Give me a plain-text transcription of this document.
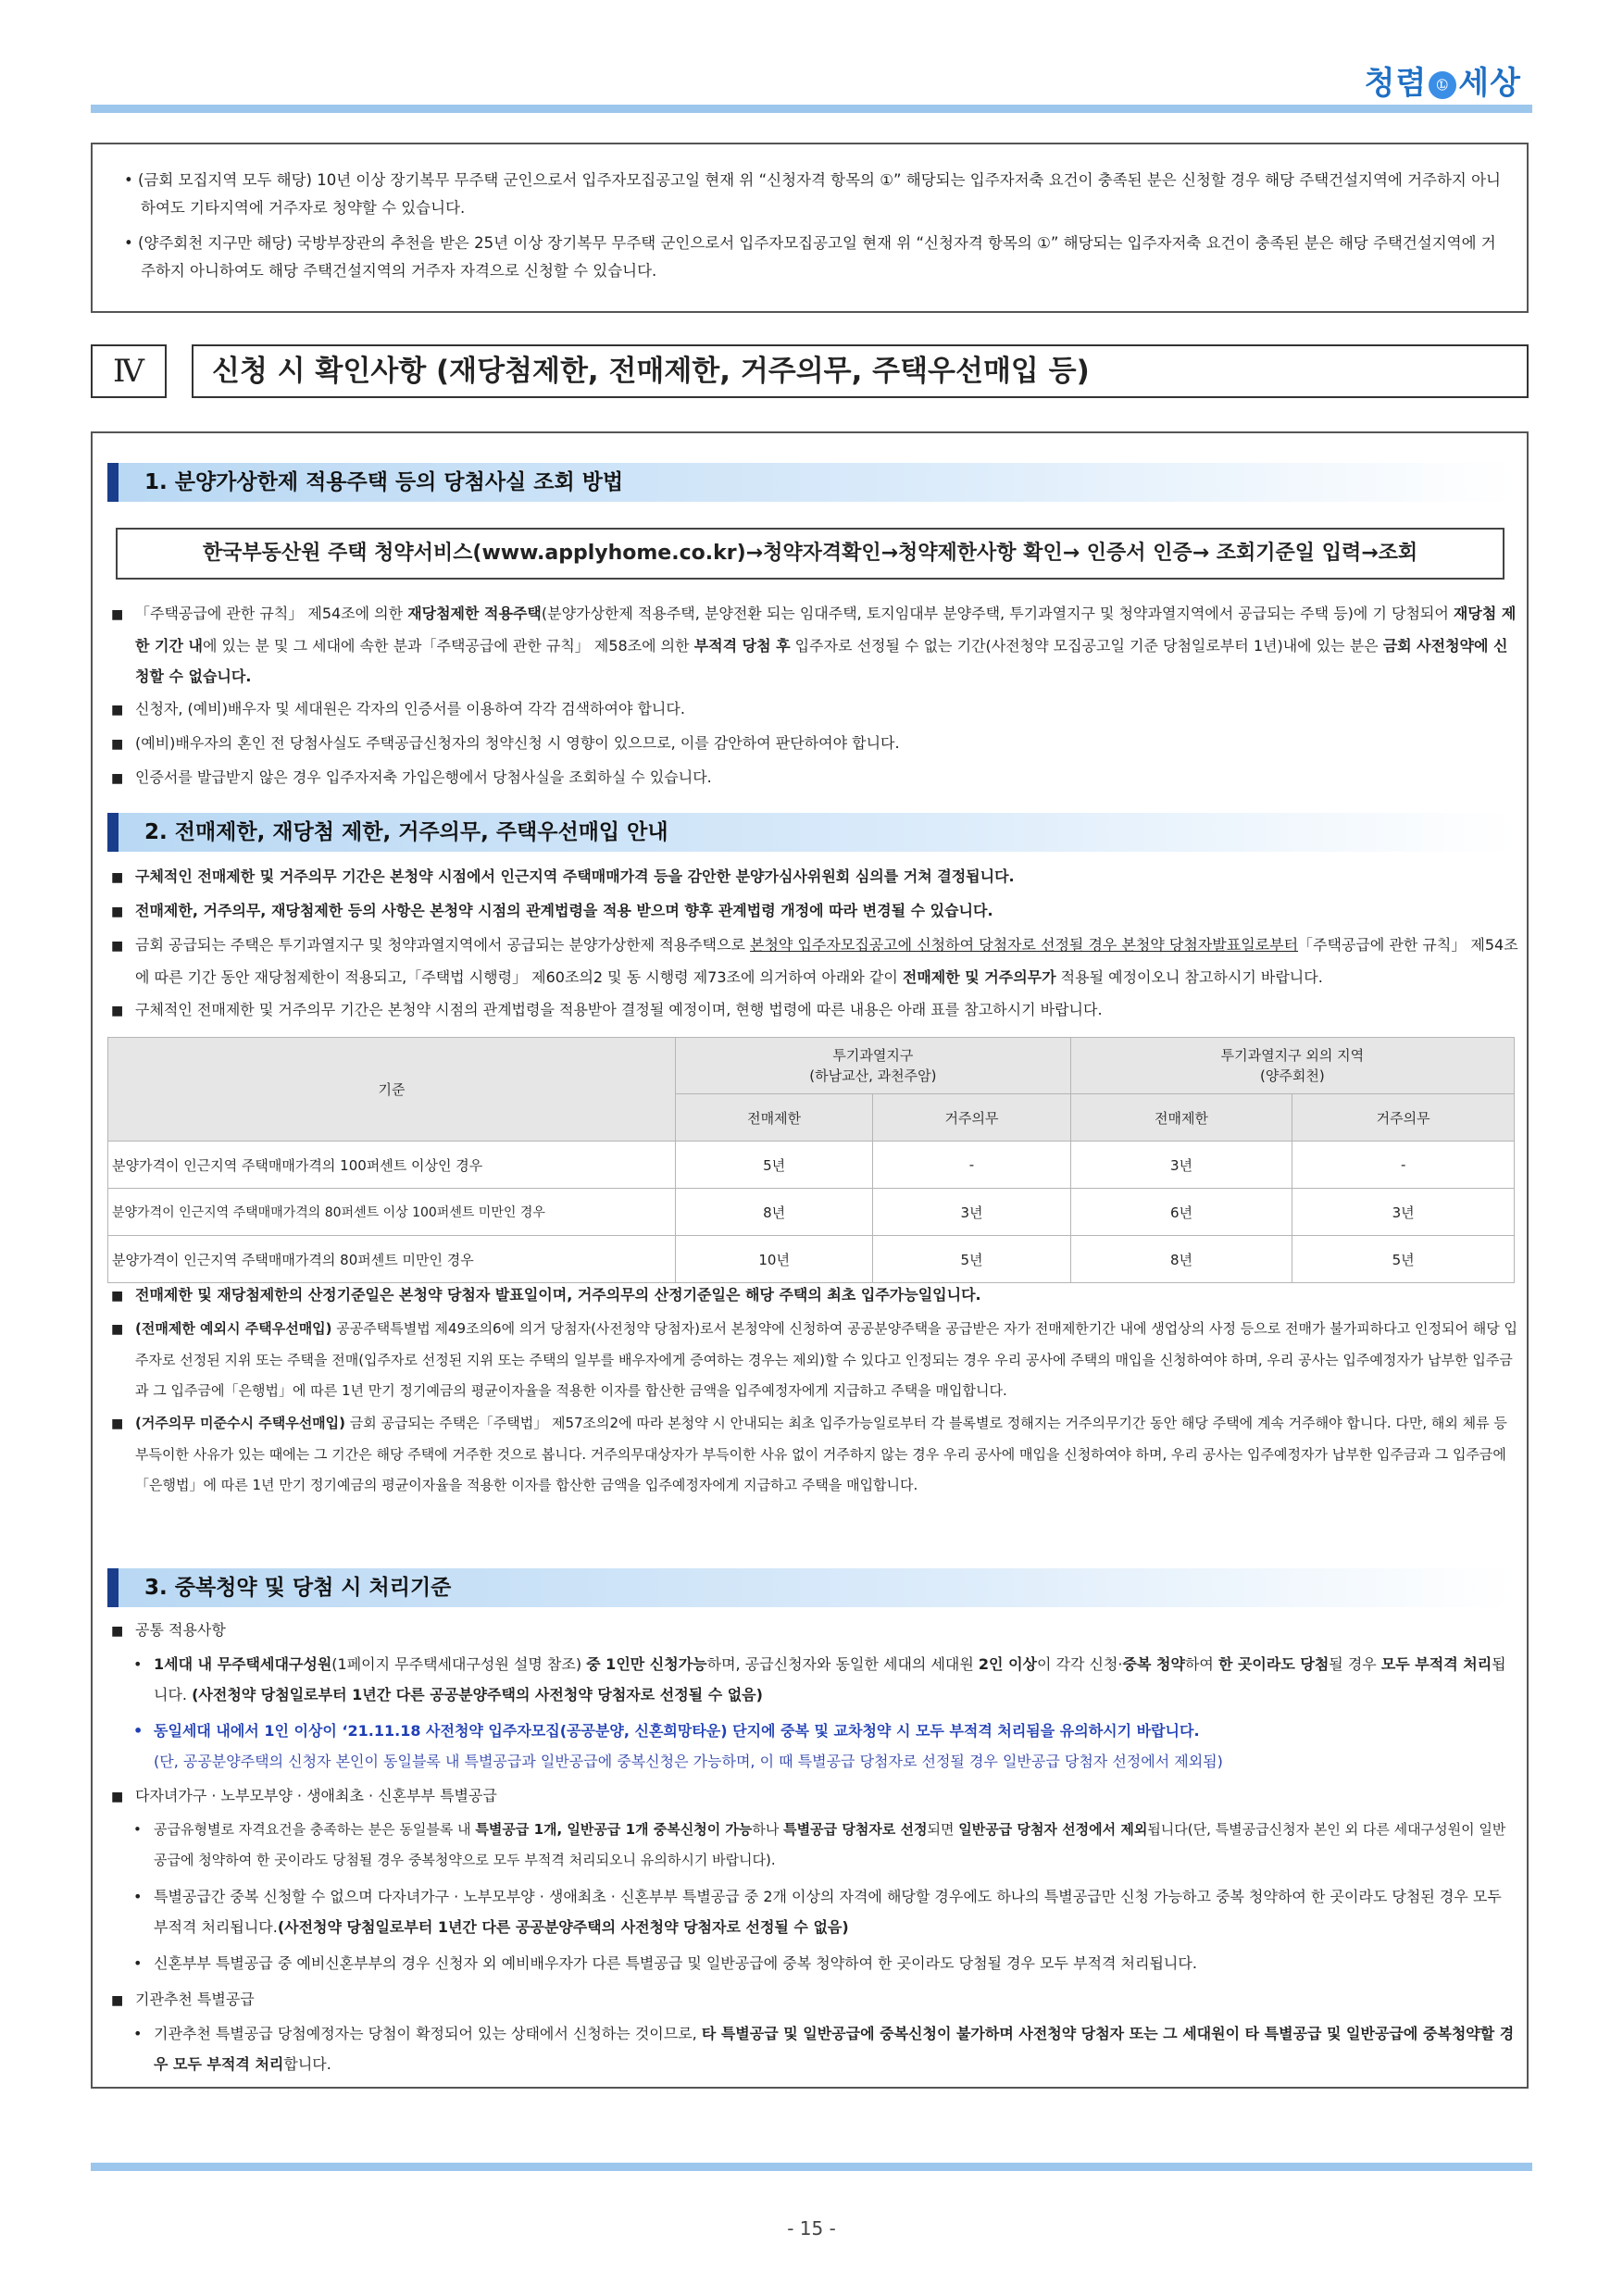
청렴 Ⓛ 세상

• (금회 모집지역 모두 해당) 10년 이상 장기복무 무주택 군인으로서 입주자모집공고일 현재 위 “신청자격 항목의 ①” 해당되는 입주자저축 요건이 충족된 분은 신청할 경우 해당 주택건설지역에 거주하지 아니하여도 기타지역에 거주자로 청약할 수 있습니다.

• (양주회천 지구만 해당) 국방부장관의 추천을 받은 25년 이상 장기복무 무주택 군인으로서 입주자모집공고일 현재 위 “신청자격 항목의 ①” 해당되는 입주자저축 요건이 충족된 분은 해당 주택건설지역에 거주하지 아니하여도 해당 주택건설지역의 거주자 자격으로 신청할 수 있습니다.

Ⅳ	신청 시 확인사항 (재당첨제한, 전매제한, 거주의무, 주택우선매입 등)
1. 분양가상한제 적용주택 등의 당첨사실 조회 방법
한국부동산원 주택 청약서비스(www.applyhome.co.kr)→청약자격확인→청약제한사항 확인→ 인증서 인증→ 조회기준일 입력→조회

■ 「주택공급에 관한 규칙」 제54조에 의한 재당첨제한 적용주택(분양가상한제 적용주택, 분양전환 되는 임대주택, 토지임대부 분양주택, 투기과열지구 및 청약과열지역에서 공급되는 주택 등)에 기 당첨되어 재당첨 제한 기간 내에 있는 분 및 그 세대에 속한 분과「주택공급에 관한 규칙」 제58조에 의한 부적격 당첨 후 입주자로 선정될 수 없는 기간(사전청약 모집공고일 기준 당첨일로부터 1년)내에 있는 분은 금회 사전청약에 신청할 수 없습니다.

■ 신청자, (예비)배우자 및 세대원은 각자의 인증서를 이용하여 각각 검색하여야 합니다.

■ (예비)배우자의 혼인 전 당첨사실도 주택공급신청자의 청약신청 시 영향이 있으므로, 이를 감안하여 판단하여야 합니다.

■ 인증서를 발급받지 않은 경우 입주자저축 가입은행에서 당첨사실을 조회하실 수 있습니다.

2. 전매제한, 재당첨 제한, 거주의무, 주택우선매입 안내

■ 구체적인 전매제한 및 거주의무 기간은 본청약 시점에서 인근지역 주택매매가격 등을 감안한 분양가심사위원회 심의를 거쳐 결정됩니다.

■ 전매제한, 거주의무, 재당첨제한 등의 사항은 본청약 시점의 관계법령을 적용 받으며 향후 관계법령 개정에 따라 변경될 수 있습니다.

■ 금회 공급되는 주택은 투기과열지구 및 청약과열지역에서 공급되는 분양가상한제 적용주택으로 본청약 입주자모집공고에 신청하여 당첨자로 선정될 경우 본청약 당첨자발표일로부터「주택공급에 관한 규칙」 제54조에 따른 기간 동안 재당첨제한이 적용되고,「주택법 시행령」 제60조의2 및 동 시행령 제73조에 의거하여 아래와 같이 전매제한 및 거주의무가 적용될 예정이오니 참고하시기 바랍니다.

■ 구체적인 전매제한 및 거주의무 기간은 본청약 시점의 관계법령을 적용받아 결정될 예정이며, 현행 법령에 따른 내용은 아래 표를 참고하시기 바랍니다.

기준	투기과열지구
(하남교산, 과천주암)		투기과열지구 외의 지역
(양주회천)	
	전매제한	거주의무	전매제한	거주의무
분양가격이 인근지역 주택매매가격의 100퍼센트 이상인 경우	5년	-	3년	-
분양가격이 인근지역 주택매매가격의 80퍼센트 이상 100퍼센트 미만인 경우	8년	3년	6년	3년
분양가격이 인근지역 주택매매가격의 80퍼센트 미만인 경우	10년	5년	8년	5년

■ 전매제한 및 재당첨제한의 산정기준일은 본청약 당첨자 발표일이며, 거주의무의 산정기준일은 해당 주택의 최초 입주가능일입니다.

■ (전매제한 예외시 주택우선매입) 공공주택특별법 제49조의6에 의거 당첨자(사전청약 당첨자)로서 본청약에 신청하여 공공분양주택을 공급받은 자가 전매제한기간 내에 생업상의 사정 등으로 전매가 불가피하다고 인정되어 해당 입주자로 선정된 지위 또는 주택을 전매(입주자로 선정된 지위 또는 주택의 일부를 배우자에게 증여하는 경우는 제외)할 수 있다고 인정되는 경우 우리 공사에 주택의 매입을 신청하여야 하며, 우리 공사는 입주예정자가 납부한 입주금과 그 입주금에「은행법」에 따른 1년 만기 정기예금의 평균이자율을 적용한 이자를 합산한 금액을 입주예정자에게 지급하고 주택을 매입합니다.

■ (거주의무 미준수시 주택우선매입) 금회 공급되는 주택은「주택법」 제57조의2에 따라 본청약 시 안내되는 최초 입주가능일로부터 각 블록별로 정해지는 거주의무기간 동안 해당 주택에 계속 거주해야 합니다. 다만, 해외 체류 등 부득이한 사유가 있는 때에는 그 기간은 해당 주택에 거주한 것으로 봅니다. 거주의무대상자가 부득이한 사유 없이 거주하지 않는 경우 우리 공사에 매입을 신청하여야 하며, 우리 공사는 입주예정자가 납부한 입주금과 그 입주금에 「은행법」에 따른 1년 만기 정기예금의 평균이자율을 적용한 이자를 합산한 금액을 입주예정자에게 지급하고 주택을 매입합니다.

3. 중복청약 및 당첨 시 처리기준

■ 공통 적용사항

• 1세대 내 무주택세대구성원(1페이지 무주택세대구성원 설명 참조) 중 1인만 신청가능하며, 공급신청자와 동일한 세대의 세대원 2인 이상이 각각 신청·중복 청약하여 한 곳이라도 당첨될 경우 모두 부적격 처리됩니다. (사전청약 당첨일로부터 1년간 다른 공공분양주택의 사전청약 당첨자로 선정될 수 없음)

• 동일세대 내에서 1인 이상이 ‘21.11.18 사전청약 입주자모집(공공분양, 신혼희망타운) 단지에 중복 및 교차청약 시 모두 부적격 처리됨을 유의하시기 바랍니다.

(단, 공공분양주택의 신청자 본인이 동일블록 내 특별공급과 일반공급에 중복신청은 가능하며, 이 때 특별공급 당첨자로 선정될 경우 일반공급 당첨자 선정에서 제외됨)

■ 다자녀가구 · 노부모부양 · 생애최초 · 신혼부부 특별공급

• 공급유형별로 자격요건을 충족하는 분은 동일블록 내 특별공급 1개, 일반공급 1개 중복신청이 가능하나 특별공급 당첨자로 선정되면 일반공급 당첨자 선정에서 제외됩니다(단, 특별공급신청자 본인 외 다른 세대구성원이 일반공급에 청약하여 한 곳이라도 당첨될 경우 중복청약으로 모두 부적격 처리되오니 유의하시기 바랍니다).

• 특별공급간 중복 신청할 수 없으며 다자녀가구 · 노부모부양 · 생애최초 · 신혼부부 특별공급 중 2개 이상의 자격에 해당할 경우에도 하나의 특별공급만 신청 가능하고 중복 청약하여 한 곳이라도 당첨된 경우 모두 부적격 처리됩니다.(사전청약 당첨일로부터 1년간 다른 공공분양주택의 사전청약 당첨자로 선정될 수 없음)

• 신혼부부 특별공급 중 예비신혼부부의 경우 신청자 외 예비배우자가 다른 특별공급 및 일반공급에 중복 청약하여 한 곳이라도 당첨될 경우 모두 부적격 처리됩니다.

■ 기관추천 특별공급

• 기관추천 특별공급 당첨예정자는 당첨이 확정되어 있는 상태에서 신청하는 것이므로, 타 특별공급 및 일반공급에 중복신청이 불가하며 사전청약 당첨자 또는 그 세대원이 타 특별공급 및 일반공급에 중복청약할 경우 모두 부적격 처리합니다.

- 15 -
